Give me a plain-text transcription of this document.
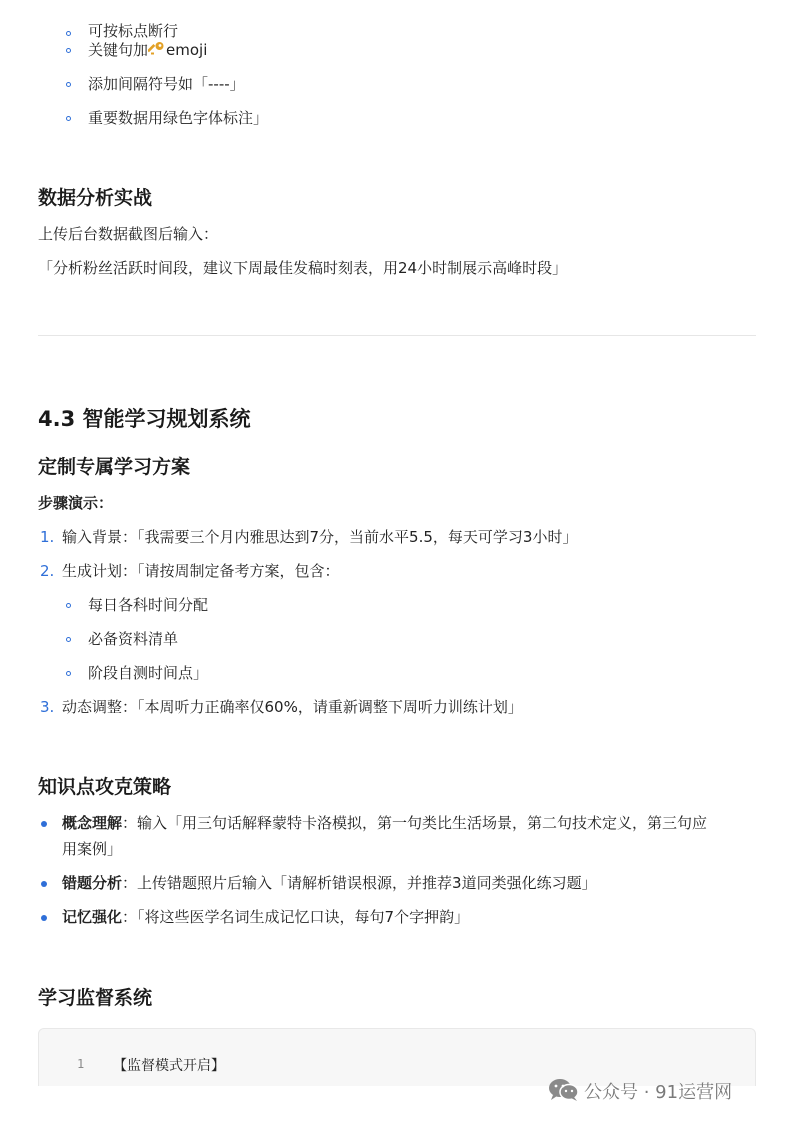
可按标点断行
关键句加 emoji
添加间隔符号如「----」
重要数据用绿色字体标注」
数据分析实战
上传后台数据截图后输入：
「分析粉丝活跃时间段，建议下周最佳发稿时刻表，用24小时制展示高峰时段」
4.3 智能学习规划系统
定制专属学习方案
步骤演示：
1. 输入背景：「我需要三个月内雅思达到7分，当前水平5.5，每天可学习3小时」
2. 生成计划：「请按周制定备考方案，包含：
每日各科时间分配
必备资料清单
阶段自测时间点」
3. 动态调整：「本周听力正确率仅60%，请重新调整下周听力训练计划」
知识点攻克策略
概念理解：输入「用三句话解释蒙特卡洛模拟，第一句类比生活场景，第二句技术定义，第三句应
用案例」
错题分析：上传错题照片后输入「请解析错误根源，并推荐3道同类强化练习题」
记忆强化：「将这些医学名词生成记忆口诀，每句7个字押韵」
学习监督系统
1 【监督模式开启】
公众号 · 91运营网
